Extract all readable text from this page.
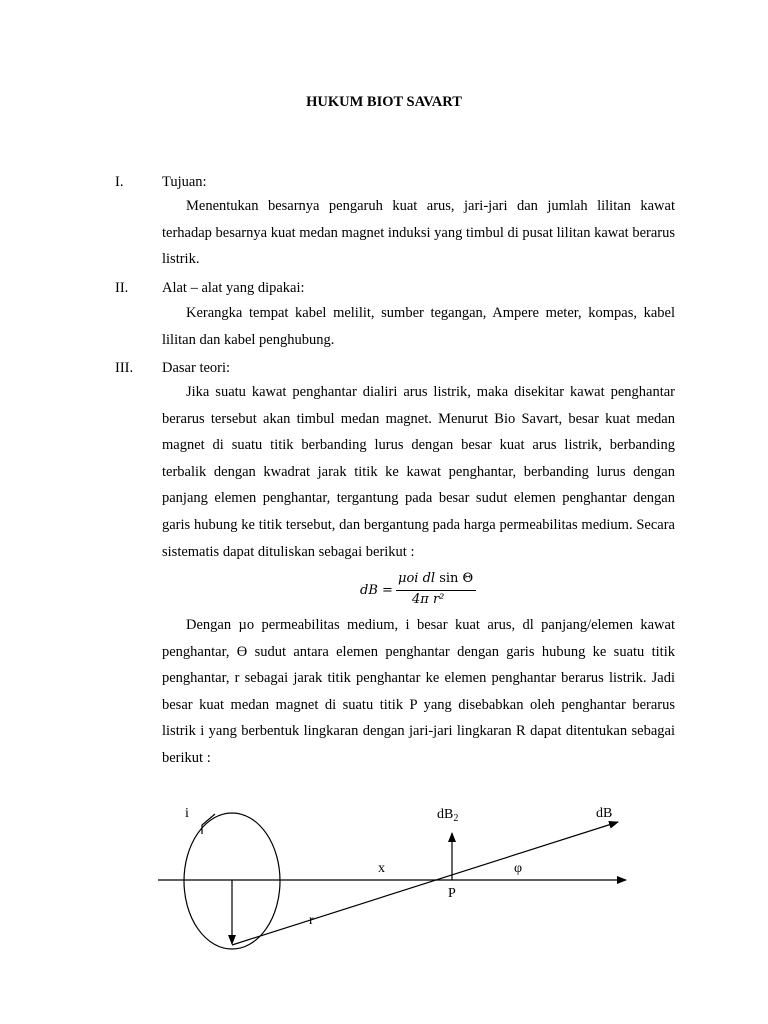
HUKUM BIOT SAVART
I.	Tujuan:
Menentukan besarnya pengaruh kuat arus, jari-jari dan jumlah lilitan kawat terhadap besarnya kuat medan magnet induksi yang timbul di pusat lilitan kawat berarus listrik.
II. Alat – alat yang dipakai:
Kerangka tempat kabel melilit, sumber tegangan, Ampere meter, kompas, kabel lilitan dan kabel penghubung.
III. Dasar teori:
Jika suatu kawat penghantar dialiri arus listrik, maka disekitar kawat penghantar berarus tersebut akan timbul medan magnet. Menurut Bio Savart, besar kuat medan magnet di suatu titik berbanding lurus dengan besar kuat arus listrik, berbanding terbalik dengan kwadrat jarak titik ke kawat penghantar, berbanding lurus dengan panjang elemen penghantar, tergantung pada besar sudut elemen penghantar dengan garis hubung ke titik tersebut, dan bergantung pada harga permeabilitas medium. Secara sistematis dapat dituliskan sebagai berikut :
dB =
μoi dl sin Θ
4π r²
Dengan µo permeabilitas medium, i besar kuat arus, dl panjang/elemen kawat penghantar, Ɵ sudut antara elemen penghantar dengan garis hubung ke suatu titik penghantar, r sebagai jarak titik penghantar ke elemen penghantar berarus listrik. Jadi besar kuat medan magnet di suatu titik P yang disebabkan oleh penghantar berarus listrik i yang berbentuk lingkaran dengan jari-jari lingkaran R dapat ditentukan sebagai berikut :
i	$dB_2$	dB
x	φ
P
r
